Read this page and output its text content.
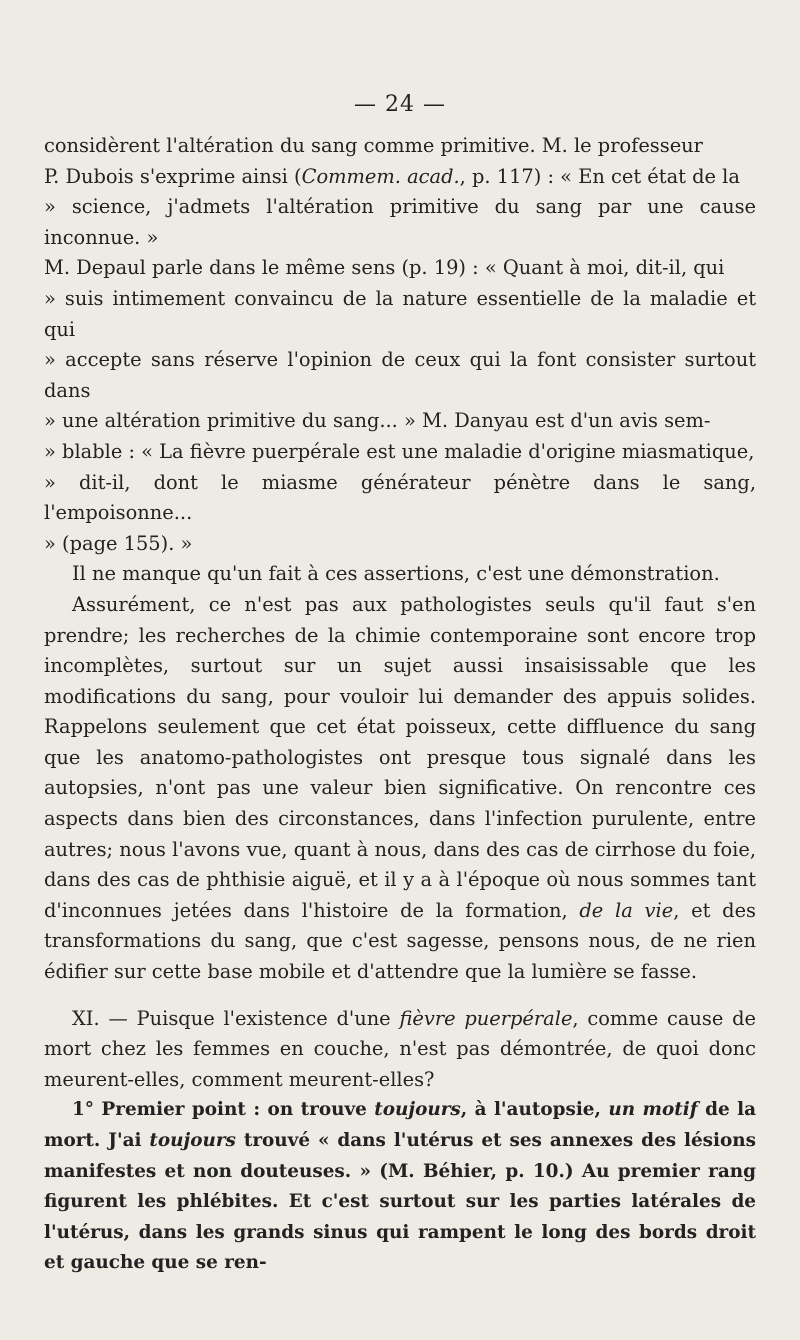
— 24 —
considèrent l'altération du sang comme primitive. M. le professeur
P. Dubois s'exprime ainsi (Commem. acad., p. 117) : « En cet état de la
» science, j'admets l'altération primitive du sang par une cause inconnue. »
M. Depaul parle dans le même sens (p. 19) : « Quant à moi, dit-il, qui
» suis intimement convaincu de la nature essentielle de la maladie et qui
» accepte sans réserve l'opinion de ceux qui la font consister surtout dans
» une altération primitive du sang... » M. Danyau est d'un avis sem-
» blable : « La fièvre puerpérale est une maladie d'origine miasmatique,
» dit-il, dont le miasme générateur pénètre dans le sang, l'empoisonne...
» (page 155). »

Il ne manque qu'un fait à ces assertions, c'est une démonstration.

Assurément, ce n'est pas aux pathologistes seuls qu'il faut s'en prendre; les recherches de la chimie contemporaine sont encore trop incomplètes, surtout sur un sujet aussi insaisissable que les modifications du sang, pour vouloir lui demander des appuis solides. Rappelons seulement que cet état poisseux, cette diffluence du sang que les anatomo-pathologistes ont presque tous signalé dans les autopsies, n'ont pas une valeur bien significative. On rencontre ces aspects dans bien des circonstances, dans l'infection purulente, entre autres; nous l'avons vue, quant à nous, dans des cas de cirrhose du foie, dans des cas de phthisie aiguë, et il y a à l'époque où nous sommes tant d'inconnues jetées dans l'histoire de la formation, de la vie, et des transformations du sang, que c'est sagesse, pensons nous, de ne rien édifier sur cette base mobile et d'attendre que la lumière se fasse.

XI. — Puisque l'existence d'une fièvre puerpérale, comme cause de mort chez les femmes en couche, n'est pas démontrée, de quoi donc meurent-elles, comment meurent-elles?

1° Premier point : on trouve toujours, à l'autopsie, un motif de la mort. J'ai toujours trouvé « dans l'utérus et ses annexes des lésions manifestes et non douteuses. » (M. Béhier, p. 10.) Au premier rang figurent les phlébites. Et c'est surtout sur les parties latérales de l'utérus, dans les grands sinus qui rampent le long des bords droit et gauche que se ren-
